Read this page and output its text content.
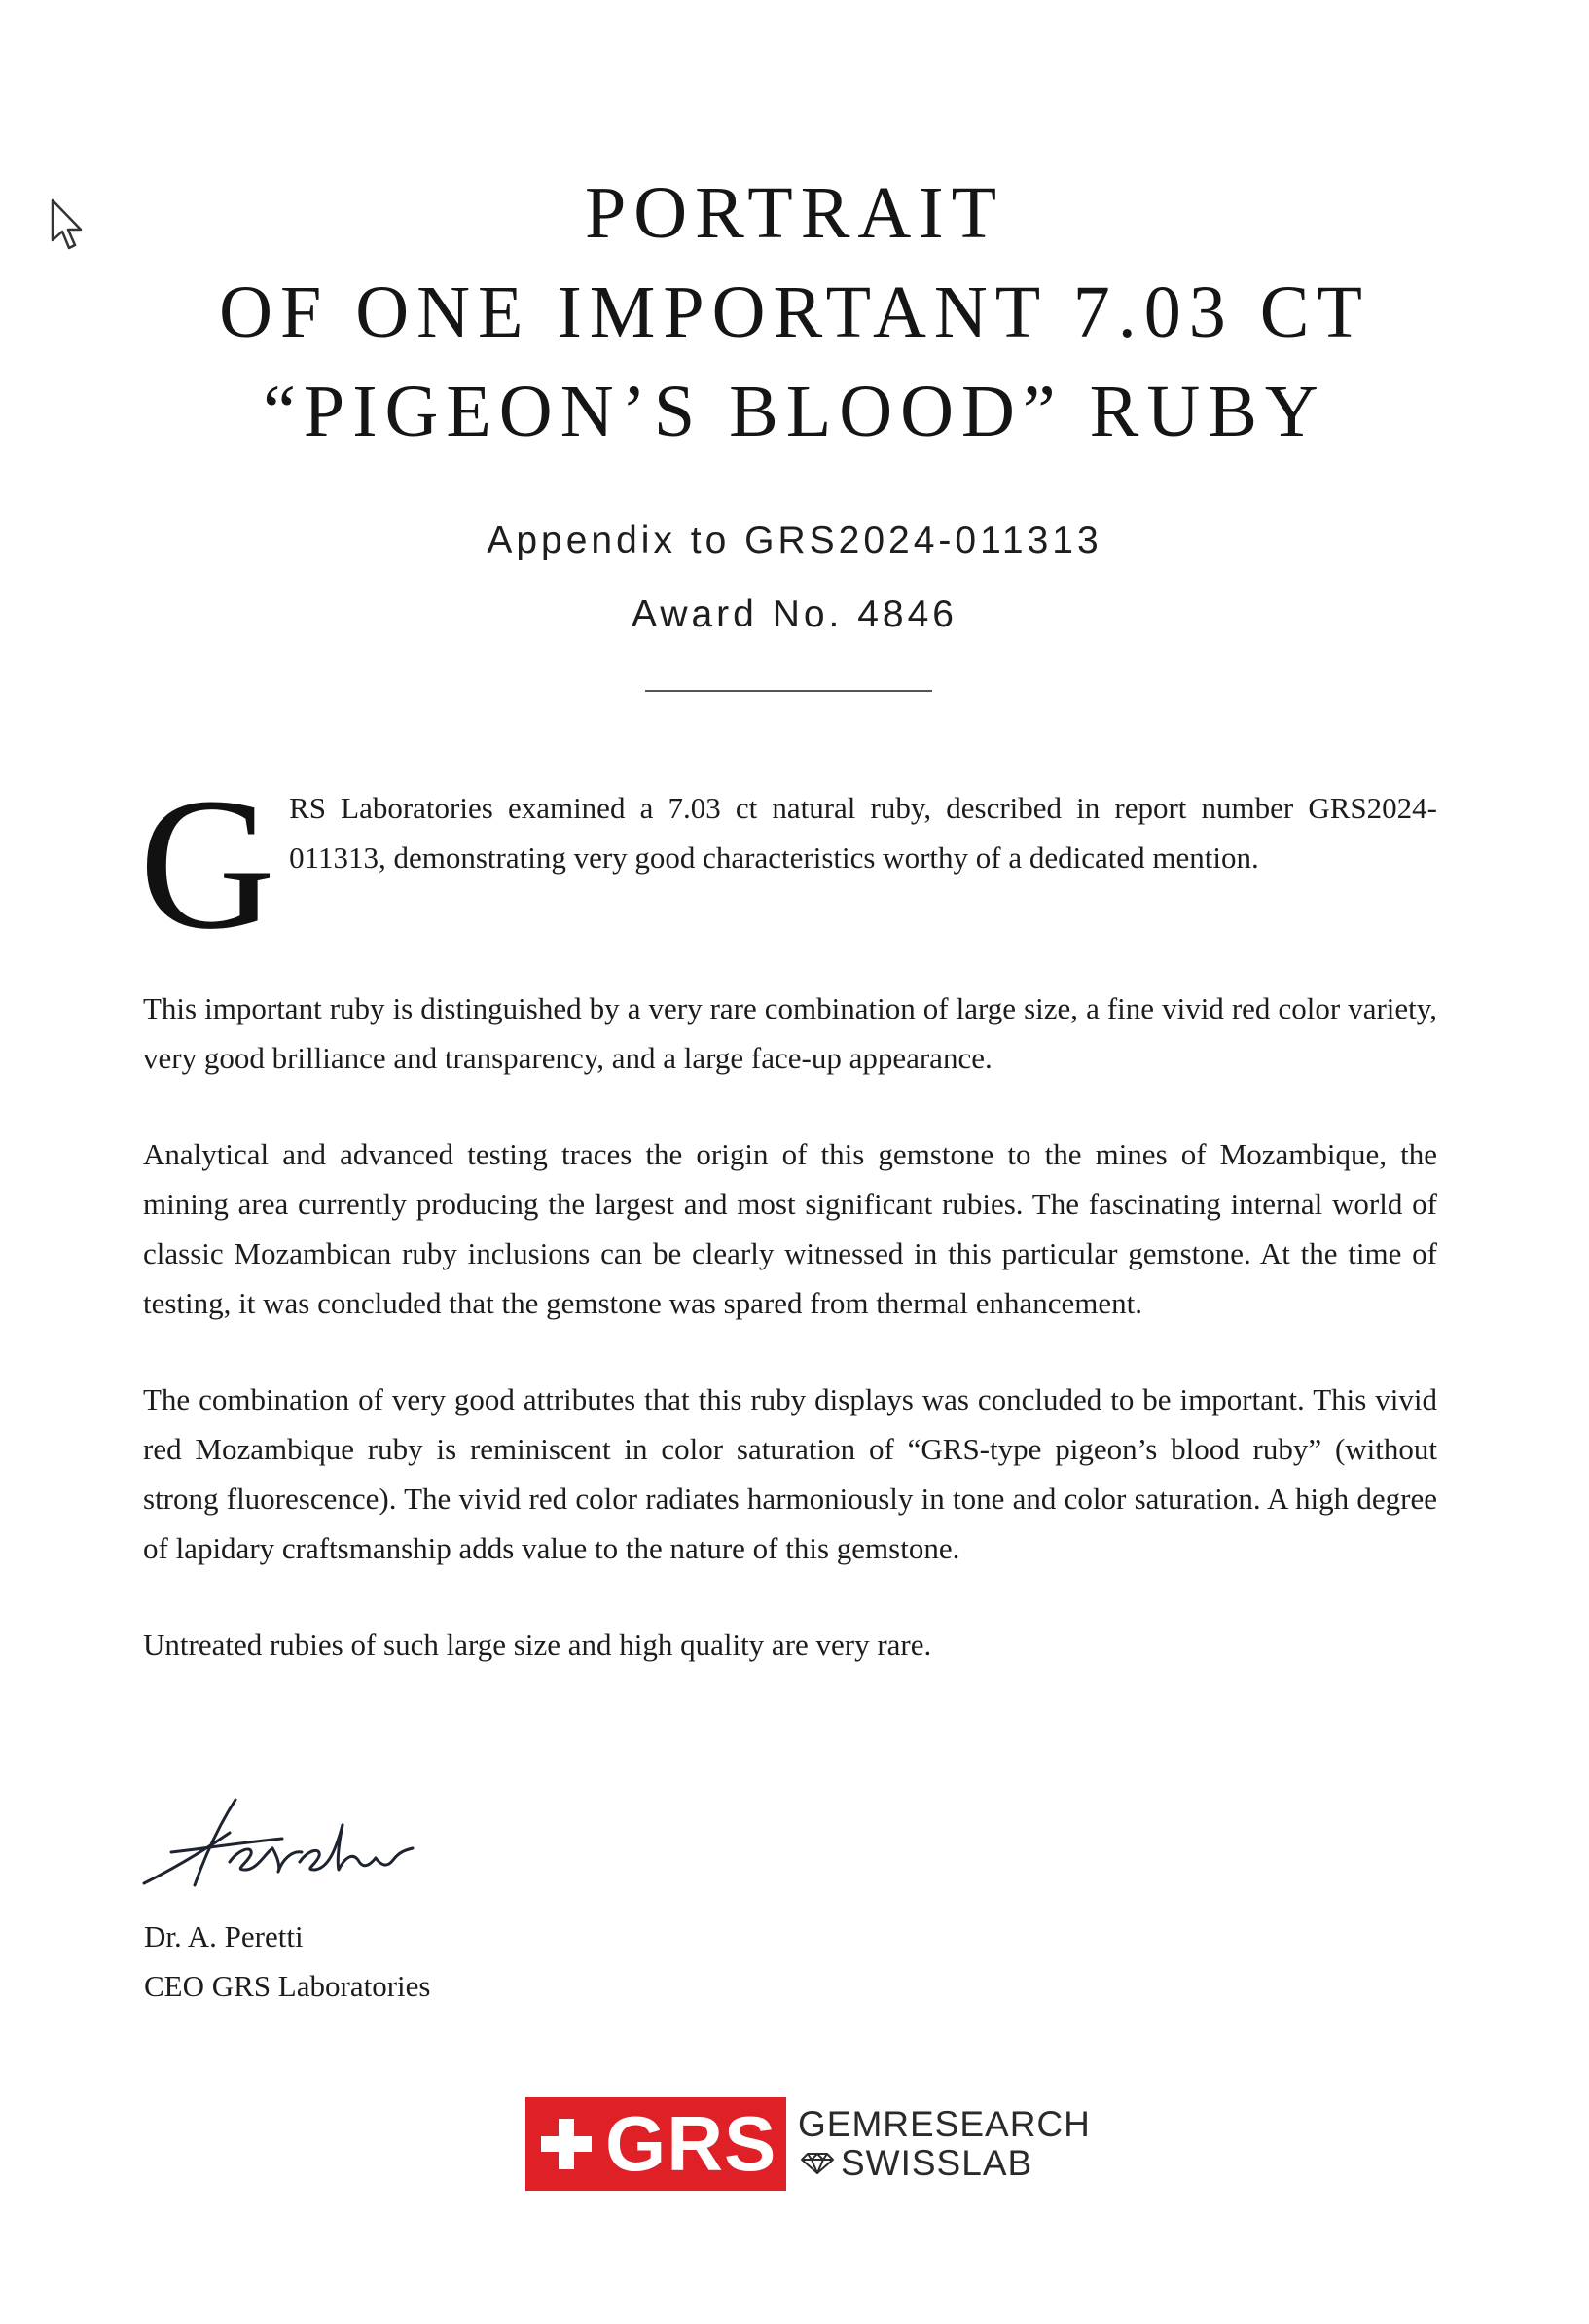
PORTRAIT
OF ONE IMPORTANT 7.03 CT
“PIGEON’S BLOOD” RUBY
Appendix to GRS2024-011313
Award No. 4846

GRS Laboratories examined a 7.03 ct natural ruby, described in report number GRS2024-011313, demonstrating very good characteristics worthy of a dedicated mention.

This important ruby is distinguished by a very rare combination of large size, a fine vivid red color variety, very good brilliance and transparency, and a large face-up appearance.

Analytical and advanced testing traces the origin of this gemstone to the mines of Mozambique, the mining area currently producing the largest and most significant rubies. The fascinating internal world of classic Mozambican ruby inclusions can be clearly witnessed in this particular gemstone. At the time of testing, it was concluded that the gemstone was spared from thermal enhancement.

The combination of very good attributes that this ruby displays was concluded to be important. This vivid red Mozambique ruby is reminiscent in color saturation of “GRS-type pigeon’s blood ruby” (without strong fluorescence). The vivid red color radiates harmoniously in tone and color saturation. A high degree of lapidary craftsmanship adds value to the nature of this gemstone.

Untreated rubies of such large size and high quality are very rare.

Dr. A. Peretti
CEO GRS Laboratories
GRS GEMRESEARCH
SWISSLAB
